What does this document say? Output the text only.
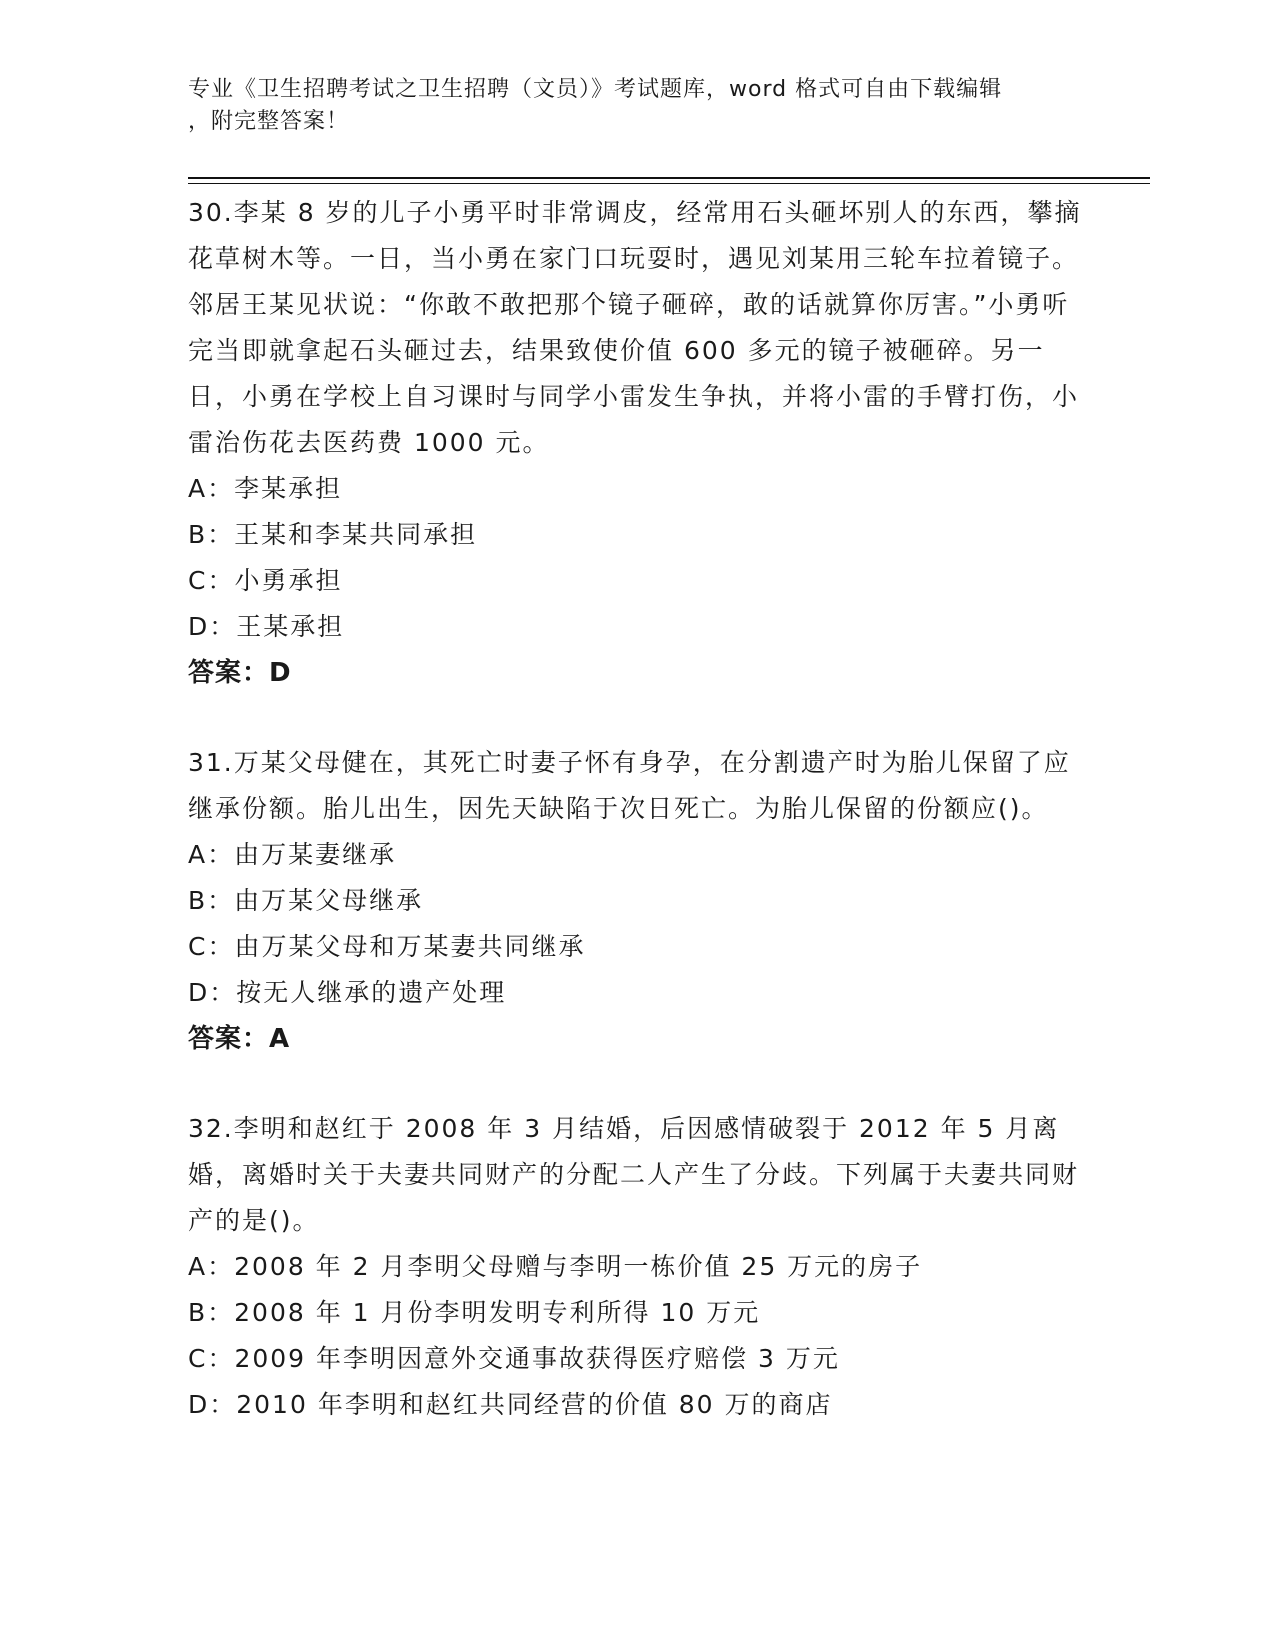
专业《卫生招聘考试之卫生招聘（文员）》考试题库，word 格式可自由下载编辑
，附完整答案！
30.李某 8 岁的儿子小勇平时非常调皮，经常用石头砸坏别人的东西，攀摘花草树木等。一日，当小勇在家门口玩耍时，遇见刘某用三轮车拉着镜子。邻居王某见状说：“你敢不敢把那个镜子砸碎，敢的话就算你厉害。”小勇听完当即就拿起石头砸过去，结果致使价值 600 多元的镜子被砸碎。另一日，小勇在学校上自习课时与同学小雷发生争执，并将小雷的手臂打伤，小雷治伤花去医药费 1000 元。
A：李某承担
B：王某和李某共同承担
C：小勇承担
D：王某承担
答案：D
31.万某父母健在，其死亡时妻子怀有身孕，在分割遗产时为胎儿保留了应继承份额。胎儿出生，因先天缺陷于次日死亡。为胎儿保留的份额应()。
A：由万某妻继承
B：由万某父母继承
C：由万某父母和万某妻共同继承
D：按无人继承的遗产处理
答案：A
32.李明和赵红于 2008 年 3 月结婚，后因感情破裂于 2012 年 5 月离婚，离婚时关于夫妻共同财产的分配二人产生了分歧。下列属于夫妻共同财产的是()。
A：2008 年 2 月李明父母赠与李明一栋价值 25 万元的房子
B：2008 年 1 月份李明发明专利所得 10 万元
C：2009 年李明因意外交通事故获得医疗赔偿 3 万元
D：2010 年李明和赵红共同经营的价值 80 万的商店
